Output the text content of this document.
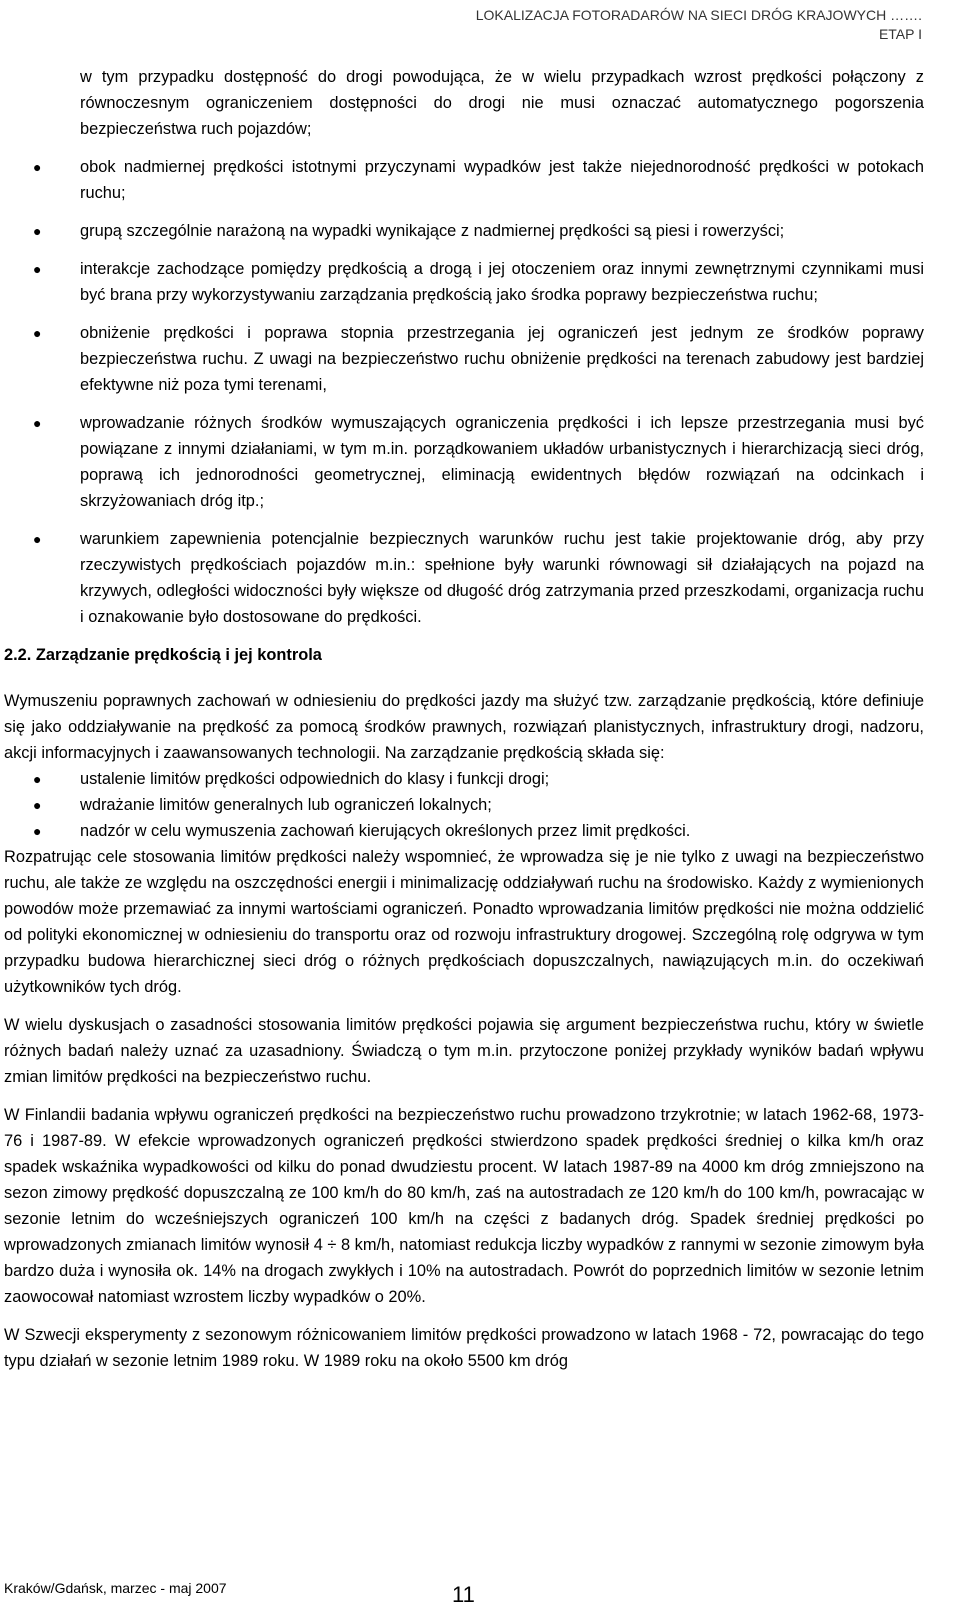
LOKALIZACJA FOTORADARÓW NA SIECI DRÓG KRAJOWYCH …….
ETAP I

w tym przypadku dostępność do drogi powodująca, że w wielu przypadkach wzrost prędkości połączony z równoczesnym ograniczeniem dostępności do drogi nie musi oznaczać automatycznego pogorszenia bezpieczeństwa ruch pojazdów;

● obok nadmiernej prędkości istotnymi przyczynami wypadków jest także niejednorodność prędkości w potokach ruchu;
● grupą szczególnie narażoną na wypadki wynikające z nadmiernej prędkości są piesi i rowerzyści;
● interakcje zachodzące pomiędzy prędkością a drogą i jej otoczeniem oraz innymi zewnętrznymi czynnikami musi być brana przy wykorzystywaniu zarządzania prędkością jako środka poprawy bezpieczeństwa ruchu;
● obniżenie prędkości i poprawa stopnia przestrzegania jej ograniczeń jest jednym ze środków poprawy bezpieczeństwa ruchu. Z uwagi na bezpieczeństwo ruchu obniżenie prędkości na terenach zabudowy jest bardziej efektywne niż poza tymi terenami,
● wprowadzanie różnych środków wymuszających ograniczenia prędkości i ich lepsze przestrzegania musi być powiązane z innymi działaniami, w tym m.in. porządkowaniem układów urbanistycznych i hierarchizacją sieci dróg, poprawą ich jednorodności geometrycznej, eliminacją ewidentnych błędów rozwiązań na odcinkach i skrzyżowaniach dróg itp.;
● warunkiem zapewnienia potencjalnie bezpiecznych warunków ruchu jest takie projektowanie dróg, aby przy rzeczywistych prędkościach pojazdów m.in.: spełnione były warunki równowagi sił działających na pojazd na krzywych, odległości widoczności były większe od długość dróg zatrzymania przed przeszkodami, organizacja ruchu i oznakowanie było dostosowane do prędkości.
2.2. Zarządzanie prędkością i jej kontrola

Wymuszeniu poprawnych zachowań w odniesieniu do prędkości jazdy ma służyć tzw. zarządzanie prędkością, które definiuje się jako oddziaływanie na prędkość za pomocą środków prawnych, rozwiązań planistycznych, infrastruktury drogi, nadzoru, akcji informacyjnych i zaawansowanych technologii. Na zarządzanie prędkością składa się:

● ustalenie limitów prędkości odpowiednich do klasy i funkcji drogi;
● wdrażanie limitów generalnych lub ograniczeń lokalnych;
● nadzór w celu wymuszenia zachowań kierujących określonych przez limit prędkości.

Rozpatrując cele stosowania limitów prędkości należy wspomnieć, że wprowadza się je nie tylko z uwagi na bezpieczeństwo ruchu, ale także ze względu na oszczędności energii i minimalizację oddziaływań ruchu na środowisko. Każdy z wymienionych powodów może przemawiać za innymi wartościami ograniczeń. Ponadto wprowadzania limitów prędkości nie można oddzielić od polityki ekonomicznej w odniesieniu do transportu oraz od rozwoju infrastruktury drogowej. Szczególną rolę odgrywa w tym przypadku budowa hierarchicznej sieci dróg o różnych prędkościach dopuszczalnych, nawiązujących m.in. do oczekiwań użytkowników tych dróg.

W wielu dyskusjach o zasadności stosowania limitów prędkości pojawia się argument bezpieczeństwa ruchu, który w świetle różnych badań należy uznać za uzasadniony. Świadczą o tym m.in. przytoczone poniżej przykłady wyników badań wpływu zmian limitów prędkości na bezpieczeństwo ruchu.

W Finlandii badania wpływu ograniczeń prędkości na bezpieczeństwo ruchu prowadzono trzykrotnie; w latach 1962-68, 1973-76 i 1987-89. W efekcie wprowadzonych ograniczeń prędkości stwierdzono spadek prędkości średniej o kilka km/h oraz spadek wskaźnika wypadkowości od kilku do ponad dwudziestu procent. W latach 1987-89 na 4000 km dróg zmniejszono na sezon zimowy prędkość dopuszczalną ze 100 km/h do 80 km/h, zaś na autostradach ze 120 km/h do 100 km/h, powracając w sezonie letnim do wcześniejszych ograniczeń 100 km/h na części z badanych dróg. Spadek średniej prędkości po wprowadzonych zmianach limitów wynosił 4 ÷ 8 km/h, natomiast redukcja liczby wypadków z rannymi w sezonie zimowym była bardzo duża i wynosiła ok. 14% na drogach zwykłych i 10% na autostradach. Powrót do poprzednich limitów w sezonie letnim zaowocował natomiast wzrostem liczby wypadków o 20%.

W Szwecji eksperymenty z sezonowym różnicowaniem limitów prędkości prowadzono w latach 1968 - 72, powracając do tego typu działań w sezonie letnim 1989 roku. W 1989 roku na około 5500 km dróg

Kraków/Gdańsk, marzec - maj 2007	11
